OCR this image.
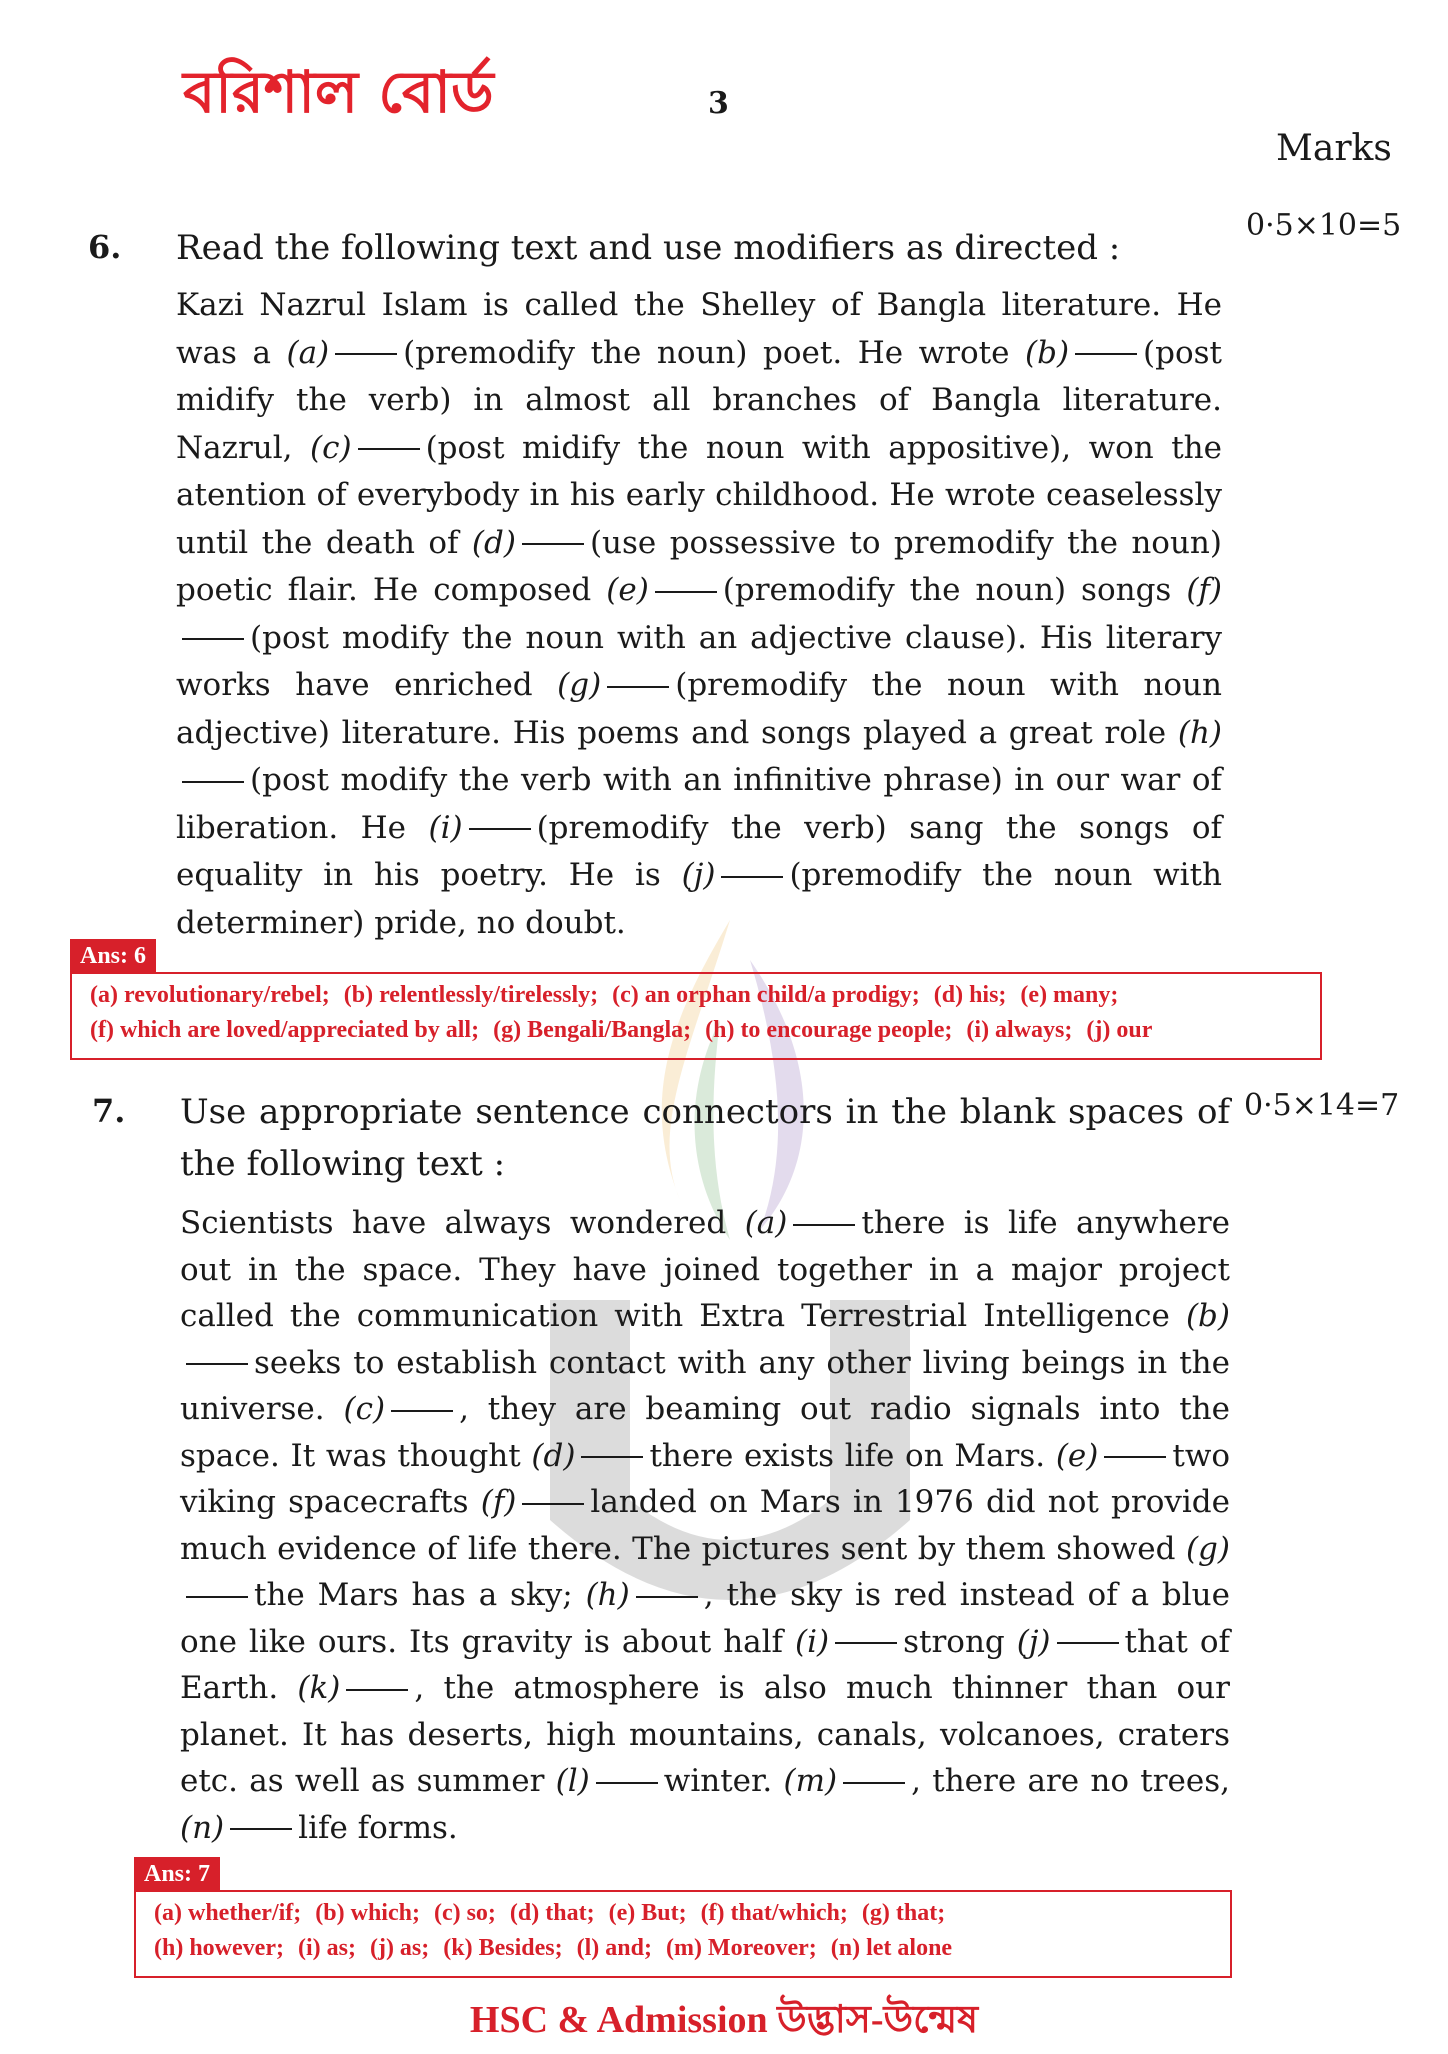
বরিশাল বোর্ড	3
Marks
6.
0·5×10=5
Read the following text and use modifiers as directed :
Kazi Nazrul Islam is called the Shelley of Bangla literature. He was a (a) (premodify the noun) poet. He wrote (b) (post midify the verb) in almost all branches of Bangla literature. Nazrul, (c) (post midify the noun with appositive), won the atention of everybody in his early childhood. He wrote ceaselessly until the death of (d) (use possessive to premodify the noun) poetic flair. He composed (e) (premodify the noun) songs (f)(post modify the noun with an adjective clause). His literary works have enriched (g) (premodify the noun with noun adjective) literature. His poems and songs played a great role (h)(post modify the verb with an infinitive phrase) in our war of liberation. He (i) (premodify the verb) sang the songs of equality in his poetry. He is (j) (premodify the noun with determiner) pride, no doubt.
Ans: 6
(a) revolutionary/rebel; (b) relentlessly/tirelessly; (c) an orphan child/a prodigy; (d) his; (e) many;
(f) which are loved/appreciated by all; (g) Bengali/Bangla; (h) to encourage people; (i) always; (j) our
7.	0·5×14=7
Use appropriate sentence connectors in the blank spaces of the following text :
Scientists have always wondered (a) there is life anywhere out in the space. They have joined together in a major project called the communication with Extra Terrestrial Intelligence (b)seeks to establish contact with any other living beings in the universe. (c) , they are beaming out radio signals into the space. It was thought (d) there exists life on Mars. (e) two viking spacecrafts (f) landed on Mars in 1976 did not provide much evidence of life there. The pictures sent by them showed (g)the Mars has a sky; (h) , the sky is red instead of a blue one like ours. Its gravity is about half (i) strong (j) that of Earth. (k) , the atmosphere is also much thinner than our planet. It has deserts, high mountains, canals, volcanoes, craters etc. as well as summer (l) winter. (m) , there are no trees, (n) life forms.
Ans: 7
(a) whether/if; (b) which; (c) so; (d) that; (e) But; (f) that/which; (g) that;
(h) however; (i) as; (j) as; (k) Besides; (l) and; (m) Moreover; (n) let alone
HSC & Admission উদ্ভাস-উন্মেষ
